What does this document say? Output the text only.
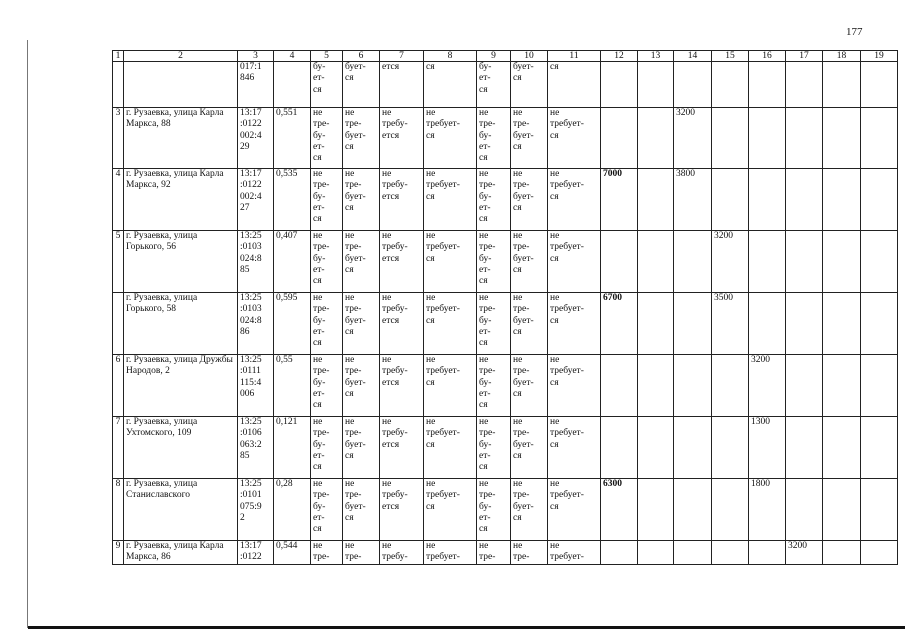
177
1	2	3	4	5	6	7	8	9	10	11	12	13	14	15	16	17	18	19
		017:1
846		бу-
ет-
ся	бует-
ся	ется	ся	бу-
ет-
ся	бует-
ся	ся								
3	г. Рузаевка, улица Карла Маркса, 88	13:17
:0122
002:4
29	0,551	не
тре-
бу-
ет-
ся	не
тре-
бует-
ся	не
требу-
ется	не
требует-
ся	не
тре-
бу-
ет-
ся	не
тре-
бует-
ся	не
требует-
ся			3200					
4	г. Рузаевка, улица Карла Маркса, 92	13:17
:0122
002:4
27	0,535	не
тре-
бу-
ет-
ся	не
тре-
бует-
ся	не
требу-
ется	не
требует-
ся	не
тре-
бу-
ет-
ся	не
тре-
бует-
ся	не
требует-
ся	7000		3800					
5	г. Рузаевка, улица Горького, 56	13:25
:0103
024:8
85	0,407	не
тре-
бу-
ет-
ся	не
тре-
бует-
ся	не
требу-
ется	не
требует-
ся	не
тре-
бу-
ет-
ся	не
тре-
бует-
ся	не
требует-
ся				3200				
	г. Рузаевка, улица Горького, 58	13:25
:0103
024:8
86	0,595	не
тре-
бу-
ет-
ся	не
тре-
бует-
ся	не
требу-
ется	не
требует-
ся	не
тре-
бу-
ет-
ся	не
тре-
бует-
ся	не
требует-
ся	6700			3500				
6	г. Рузаевка, улица Дружбы Народов, 2	13:25
:0111
115:4
006	0,55	не
тре-
бу-
ет-
ся	не
тре-
бует-
ся	не
требу-
ется	не
требует-
ся	не
тре-
бу-
ет-
ся	не
тре-
бует-
ся	не
требует-
ся					3200			
7	г. Рузаевка, улица Ухтомского, 109	13:25
:0106
063:2
85	0,121	не
тре-
бу-
ет-
ся	не
тре-
бует-
ся	не
требу-
ется	не
требует-
ся	не
тре-
бу-
ет-
ся	не
тре-
бует-
ся	не
требует-
ся					1300			
8	г. Рузаевка, улица Станиславского	13:25
:0101
075:9
2	0,28	не
тре-
бу-
ет-
ся	не
тре-
бует-
ся	не
требу-
ется	не
требует-
ся	не
тре-
бу-
ет-
ся	не
тре-
бует-
ся	не
требует-
ся	6300				1800			
9	г. Рузаевка, улица Карла Маркса, 86	13:17
:0122	0,544	не
тре-	не
тре-	не
требу-	не
требует-	не
тре-	не
тре-	не
требует-						3200		
